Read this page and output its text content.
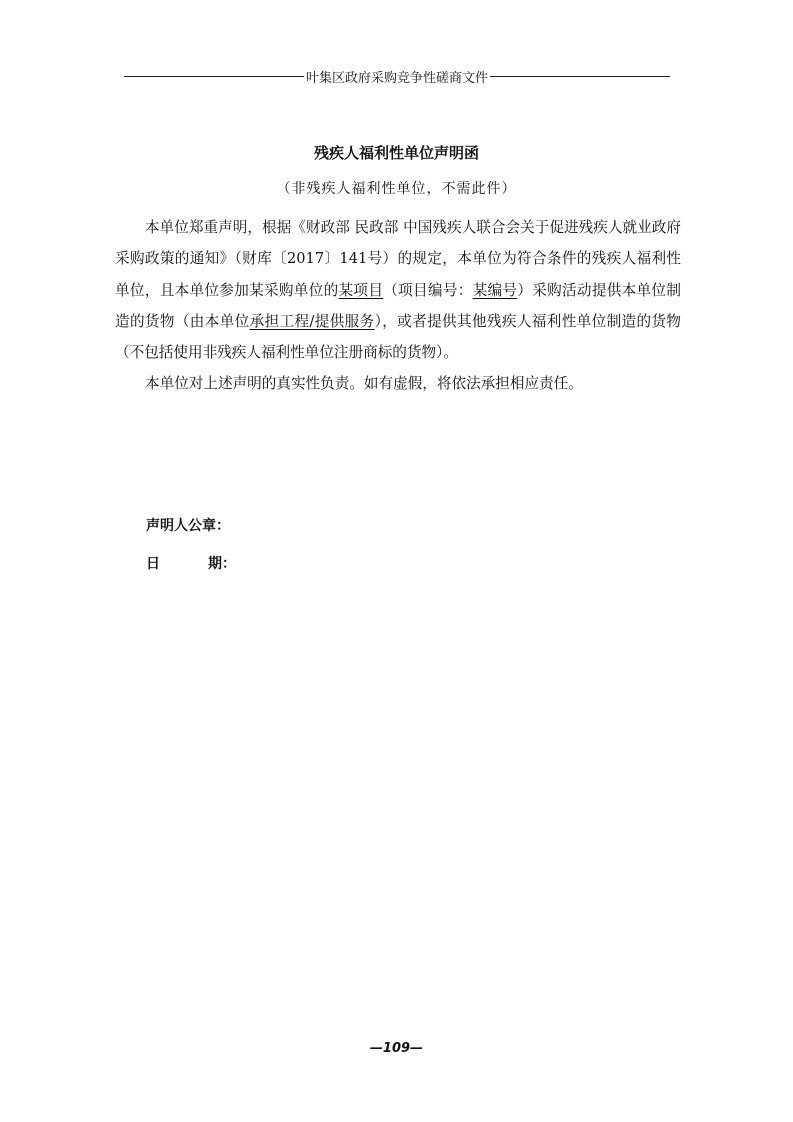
叶集区政府采购竞争性磋商文件
残疾人福利性单位声明函
（非残疾人福利性单位，不需此件）

本单位郑重声明，根据《财政部 民政部 中国残疾人联合会关于促进残疾人就业政府采购政策的通知》（财库〔2017〕141号）的规定，本单位为符合条件的残疾人福利性单位，且本单位参加某采购单位的某项目（项目编号：某编号）采购活动提供本单位制造的货物（由本单位承担工程/提供服务），或者提供其他残疾人福利性单位制造的货物（不包括使用非残疾人福利性单位注册商标的货物）。

本单位对上述声明的真实性负责。如有虚假，将依法承担相应责任。

声明人公章：
日	期：
—109—
